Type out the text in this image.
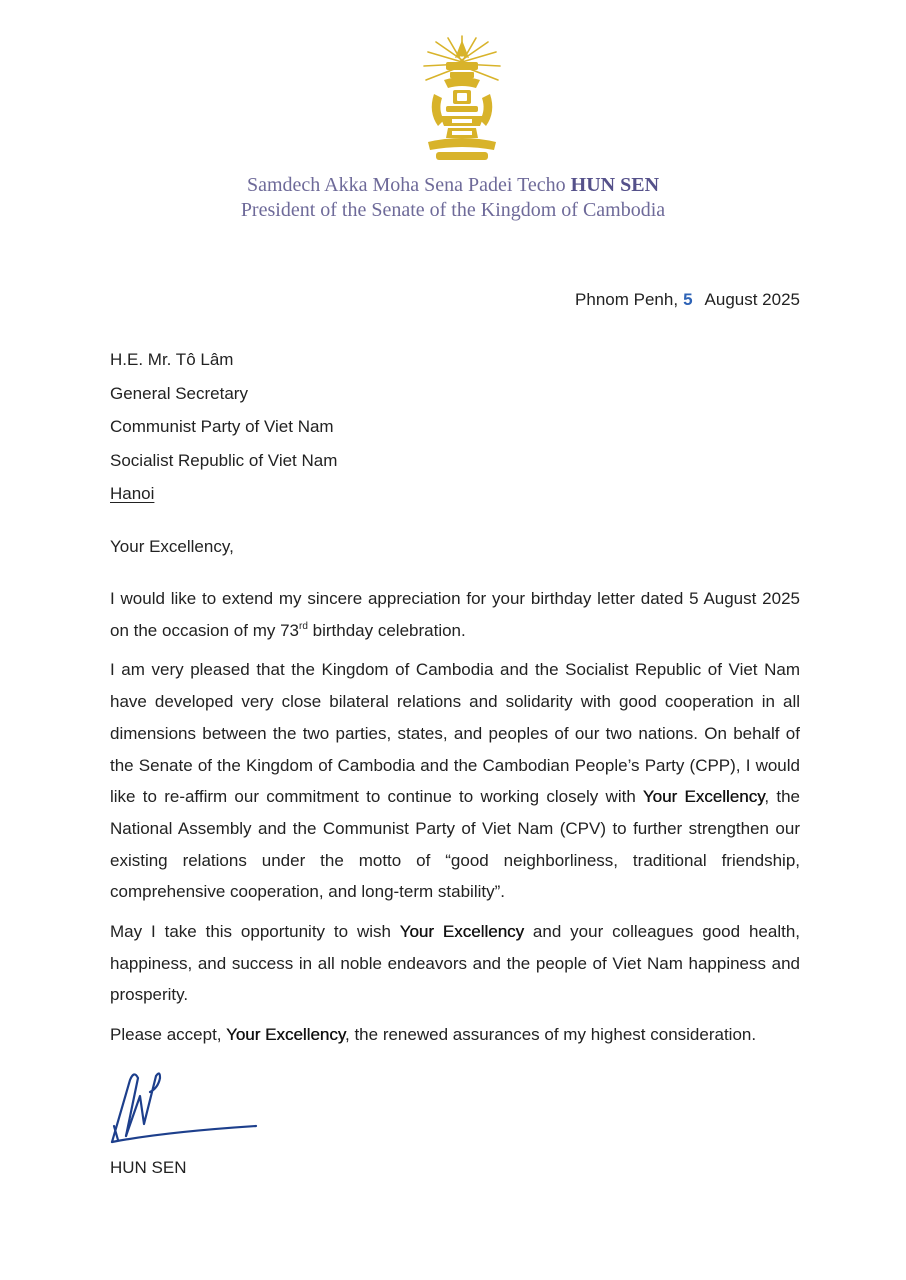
Samdech Akka Moha Sena Padei Techo HUN SEN
President of the Senate of the Kingdom of Cambodia
Phnom Penh, 5 August 2025
H.E. Mr. Tô Lâm
General Secretary
Communist Party of Viet Nam
Socialist Republic of Viet Nam
Hanoi
Your Excellency,

I would like to extend my sincere appreciation for your birthday letter dated 5 August 2025 on the occasion of my 73rd birthday celebration.

I am very pleased that the Kingdom of Cambodia and the Socialist Republic of Viet Nam have developed very close bilateral relations and solidarity with good cooperation in all dimensions between the two parties, states, and peoples of our two nations. On behalf of the Senate of the Kingdom of Cambodia and the Cambodian People’s Party (CPP), I would like to re-affirm our commitment to continue to working closely with Your Excellency, the National Assembly and the Communist Party of Viet Nam (CPV) to further strengthen our existing relations under the motto of “good neighborliness, traditional friendship, comprehensive cooperation, and long-term stability”.

May I take this opportunity to wish Your Excellency and your colleagues good health, happiness, and success in all noble endeavors and the people of Viet Nam happiness and prosperity.

Please accept, Your Excellency, the renewed assurances of my highest consideration.

HUN SEN
